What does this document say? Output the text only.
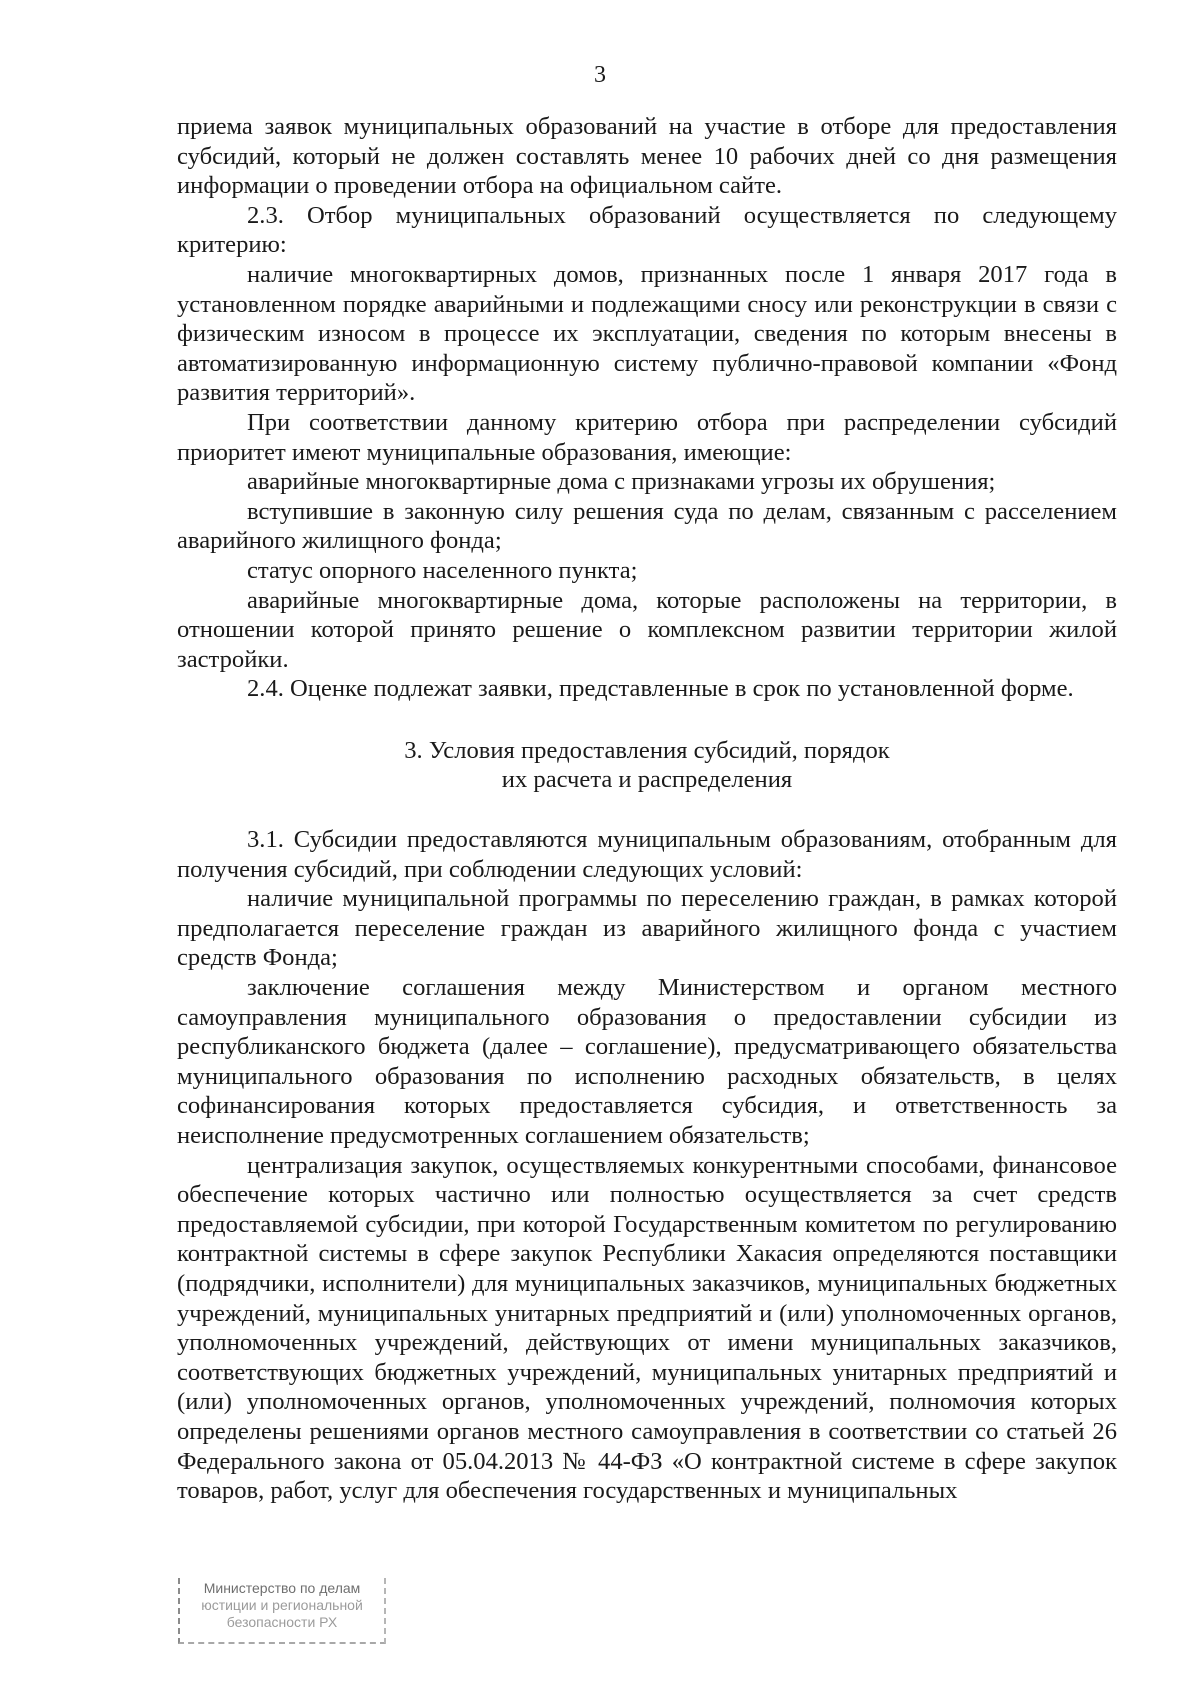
3

приема заявок муниципальных образований на участие в отборе для предоставления субсидий, который не должен составлять менее 10 рабочих дней со дня размещения информации о проведении отбора на официальном сайте.

2.3. Отбор муниципальных образований осуществляется по следующему критерию:

наличие многоквартирных домов, признанных после 1 января 2017 года в установленном порядке аварийными и подлежащими сносу или реконструкции в связи с физическим износом в процессе их эксплуатации, сведения по которым внесены в автоматизированную информационную систему публично-правовой компании «Фонд развития территорий».

При соответствии данному критерию отбора при распределении субсидий приоритет имеют муниципальные образования, имеющие:

аварийные многоквартирные дома с признаками угрозы их обрушения;

вступившие в законную силу решения суда по делам, связанным с расселением аварийного жилищного фонда;

статус опорного населенного пункта;

аварийные многоквартирные дома, которые расположены на территории, в отношении которой принято решение о комплексном развитии территории жилой застройки.

2.4. Оценке подлежат заявки, представленные в срок по установленной форме.

3. Условия предоставления субсидий, порядок
их расчета и распределения

3.1. Субсидии предоставляются муниципальным образованиям, отобранным для получения субсидий, при соблюдении следующих условий:

наличие муниципальной программы по переселению граждан, в рамках которой предполагается переселение граждан из аварийного жилищного фонда с участием средств Фонда;

заключение соглашения между Министерством и органом местного самоуправления муниципального образования о предоставлении субсидии из республиканского бюджета (далее – соглашение), предусматривающего обязательства муниципального образования по исполнению расходных обязательств, в целях софинансирования которых предоставляется субсидия, и ответственность за неисполнение предусмотренных соглашением обязательств;

централизация закупок, осуществляемых конкурентными способами, финансовое обеспечение которых частично или полностью осуществляется за счет средств предоставляемой субсидии, при которой Государственным комитетом по регулированию контрактной системы в сфере закупок Республики Хакасия определяются поставщики (подрядчики, исполнители) для муниципальных заказчиков, муниципальных бюджетных учреждений, муниципальных унитарных предприятий и (или) уполномоченных органов, уполномоченных учреждений, действующих от имени муниципальных заказчиков, соответствующих бюджетных учреждений, муниципальных унитарных предприятий и (или) уполномоченных органов, уполномоченных учреждений, полномочия которых определены решениями органов местного самоуправления в соответствии со статьей 26 Федерального закона от 05.04.2013 № 44-ФЗ «О контрактной системе в сфере закупок товаров, работ, услуг для обеспечения государственных и муниципальных

Министерство по делам
юстиции и региональной
безопасности РХ
